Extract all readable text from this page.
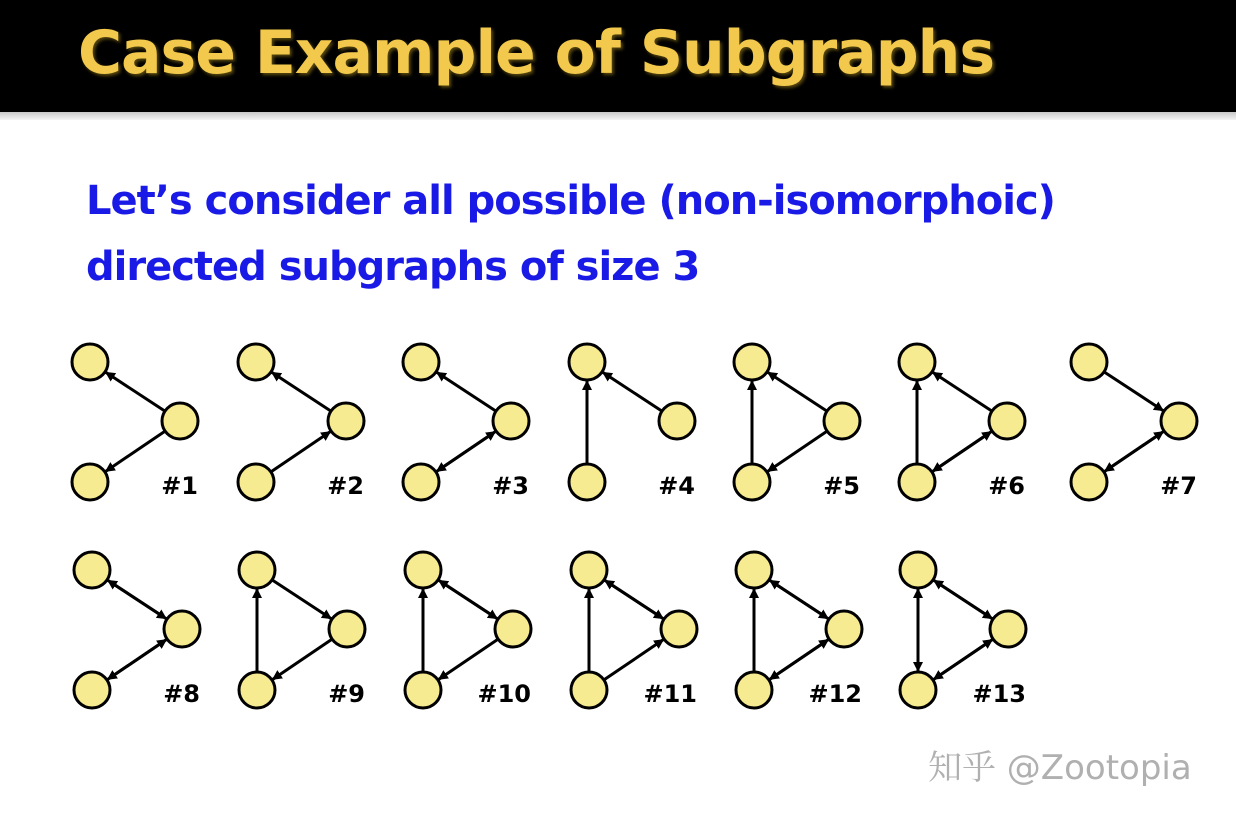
Case Example of Subgraphs
Let’s consider all possible (non-isomorphoic)
directed subgraphs of size 3
#1	#2	#3	#4	#5	#6	#7
#8	#9	#10	#11	#12	#13
知乎 @Zootopia
